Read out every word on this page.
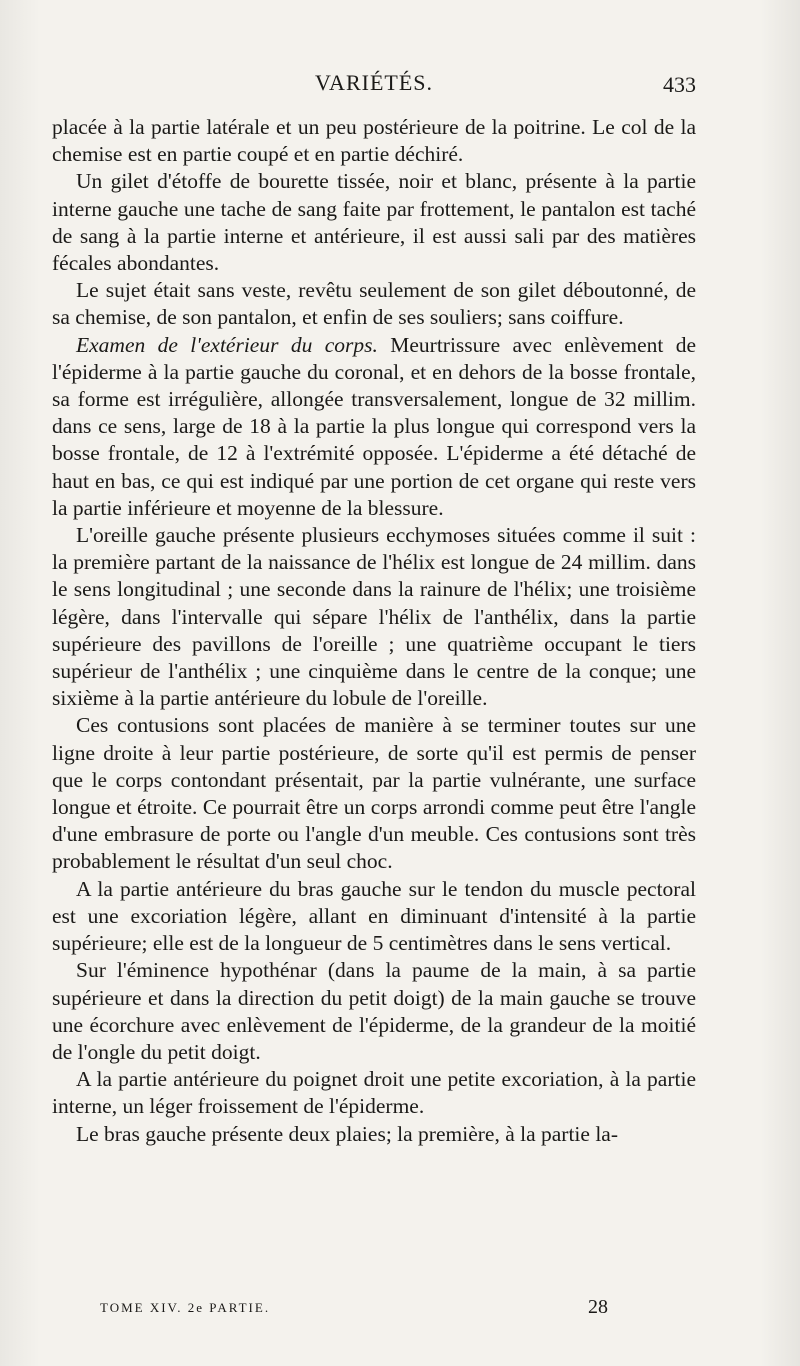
VARIÉTÉS.	433

placée à la partie latérale et un peu postérieure de la poitrine. Le col de la chemise est en partie coupé et en partie déchiré.

Un gilet d'étoffe de bourette tissée, noir et blanc, présente à la partie interne gauche une tache de sang faite par frottement, le pantalon est taché de sang à la partie interne et antérieure, il est aussi sali par des matières fécales abondantes.

Le sujet était sans veste, revêtu seulement de son gilet déboutonné, de sa chemise, de son pantalon, et enfin de ses souliers; sans coiffure.

Examen de l'extérieur du corps. Meurtrissure avec enlèvement de l'épiderme à la partie gauche du coronal, et en dehors de la bosse frontale, sa forme est irrégulière, allongée transversalement, longue de 32 millim. dans ce sens, large de 18 à la partie la plus longue qui correspond vers la bosse frontale, de 12 à l'extrémité opposée. L'épiderme a été détaché de haut en bas, ce qui est indiqué par une portion de cet organe qui reste vers la partie inférieure et moyenne de la blessure.

L'oreille gauche présente plusieurs ecchymoses situées comme il suit : la première partant de la naissance de l'hélix est longue de 24 millim. dans le sens longitudinal ; une seconde dans la rainure de l'hélix; une troisième légère, dans l'intervalle qui sépare l'hélix de l'anthélix, dans la partie supérieure des pavillons de l'oreille ; une quatrième occupant le tiers supérieur de l'anthélix ; une cinquième dans le centre de la conque; une sixième à la partie antérieure du lobule de l'oreille.

Ces contusions sont placées de manière à se terminer toutes sur une ligne droite à leur partie postérieure, de sorte qu'il est permis de penser que le corps contondant présentait, par la partie vulnérante, une surface longue et étroite. Ce pourrait être un corps arrondi comme peut être l'angle d'une embrasure de porte ou l'angle d'un meuble. Ces contusions sont très probablement le résultat d'un seul choc.

A la partie antérieure du bras gauche sur le tendon du muscle pectoral est une excoriation légère, allant en diminuant d'intensité à la partie supérieure; elle est de la longueur de 5 centimètres dans le sens vertical.

Sur l'éminence hypothénar (dans la paume de la main, à sa partie supérieure et dans la direction du petit doigt) de la main gauche se trouve une écorchure avec enlèvement de l'épiderme, de la grandeur de la moitié de l'ongle du petit doigt.

A la partie antérieure du poignet droit une petite excoriation, à la partie interne, un léger froissement de l'épiderme.

Le bras gauche présente deux plaies; la première, à la partie la-

TOME XIV. 2e PARTIE.	28
